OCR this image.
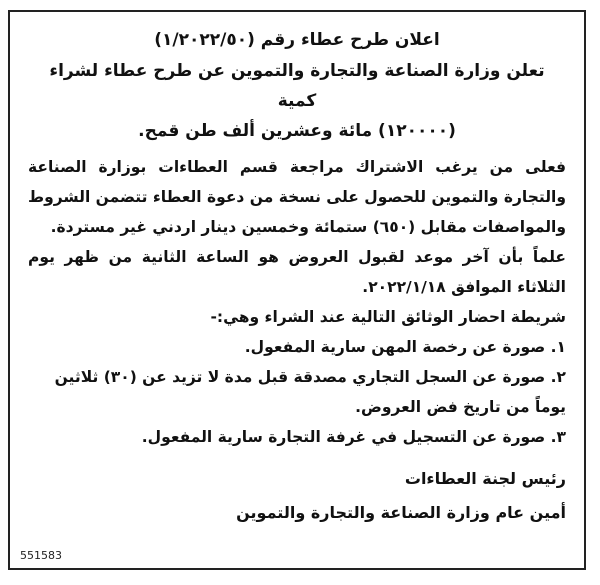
اعلان طرح عطاء رقم (١/٢٠٢٢/٥٠)

تعلن وزارة الصناعة والتجارة والتموين عن طرح عطاء لشراء كمية
(١٢٠٠٠٠) مائة وعشرين ألف طن قمح.

فعلى من يرغب الاشتراك مراجعة قسم العطاءات بوزارة الصناعة والتجارة والتموين للحصول على نسخة من دعوة العطاء تتضمن الشروط والمواصفات مقابل (٦٥٠) ستمائة وخمسين دينار اردني غير مستردة.

علماً بأن آخر موعد لقبول العروض هو الساعة الثانية من ظهر يوم الثلاثاء الموافق ٢٠٢٢/١/١٨.

شريطة احضار الوثائق التالية عند الشراء وهي:-

١. صورة عن رخصة المهن سارية المفعول.

٢. صورة عن السجل التجاري مصدقة قبل مدة لا تزيد عن (٣٠) ثلاثين يوماً من تاريخ فض العروض.

٣. صورة عن التسجيل في غرفة التجارة سارية المفعول.

رئيس لجنة العطاءات
أمين عام وزارة الصناعة والتجارة والتموين

551583
